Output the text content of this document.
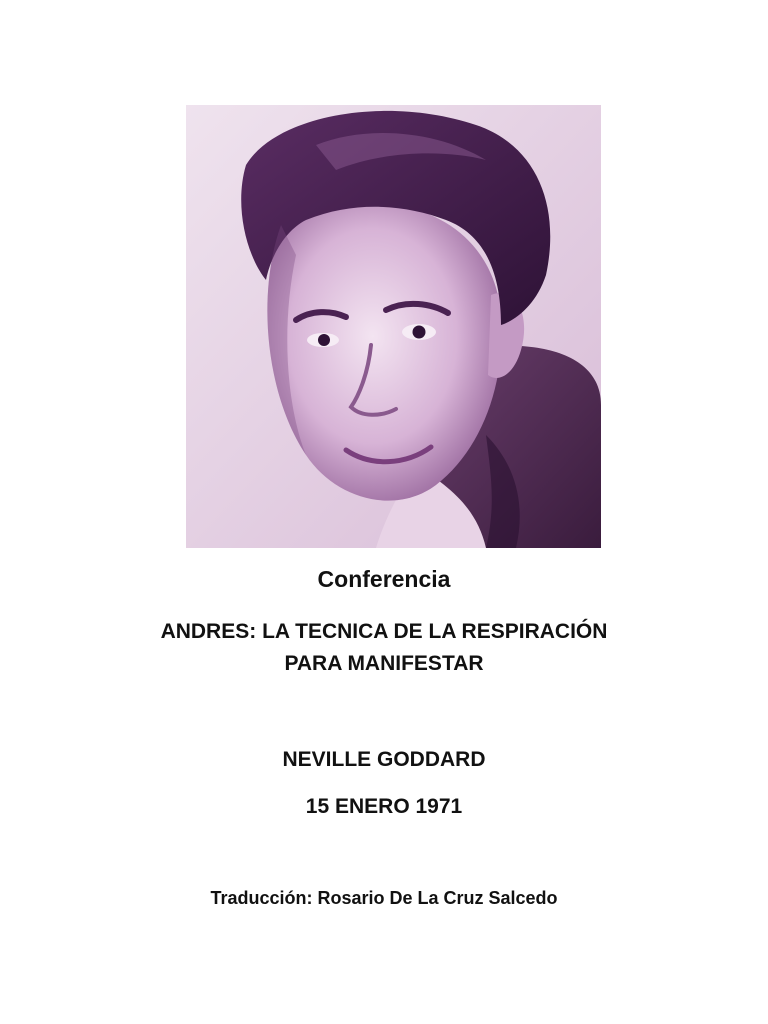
Conferencia
ANDRES: LA TECNICA DE LA RESPIRACIÓN
PARA MANIFESTAR
NEVILLE GODDARD
15 ENERO 1971
Traducción: Rosario De La Cruz Salcedo
